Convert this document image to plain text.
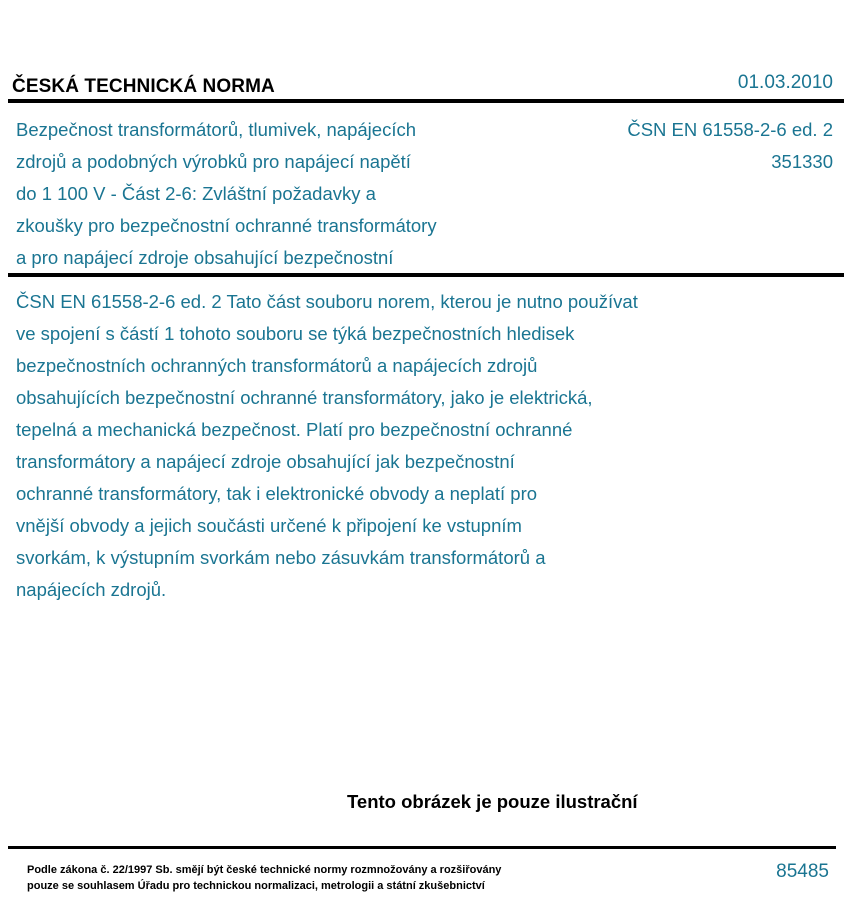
ČESKÁ TECHNICKÁ NORMA	01.03.2010
Bezpečnost transformátorů, tlumivek, napájecích
zdrojů a podobných výrobků pro napájecí napětí
do 1 100 V - Část 2-6: Zvláštní požadavky a
zkoušky pro bezpečnostní ochranné transformátory
a pro napájecí zdroje obsahující bezpečnostní
ČSN EN 61558-2-6 ed. 2
351330
ČSN EN 61558-2-6 ed. 2 Tato část souboru norem, kterou je nutno používat
ve spojení s částí 1 tohoto souboru se týká bezpečnostních hledisek
bezpečnostních ochranných transformátorů a napájecích zdrojů
obsahujících bezpečnostní ochranné transformátory, jako je elektrická,
tepelná a mechanická bezpečnost. Platí pro bezpečnostní ochranné
transformátory a napájecí zdroje obsahující jak bezpečnostní
ochranné transformátory, tak i elektronické obvody a neplatí pro
vnější obvody a jejich součásti určené k připojení ke vstupním
svorkám, k výstupním svorkám nebo zásuvkám transformátorů a
napájecích zdrojů.
Tento obrázek je pouze ilustrační
Podle zákona č. 22/1997 Sb. smějí být české technické normy rozmnožovány a rozšiřovány
pouze se souhlasem Úřadu pro technickou normalizaci, metrologii a státní zkušebnictví
85485
